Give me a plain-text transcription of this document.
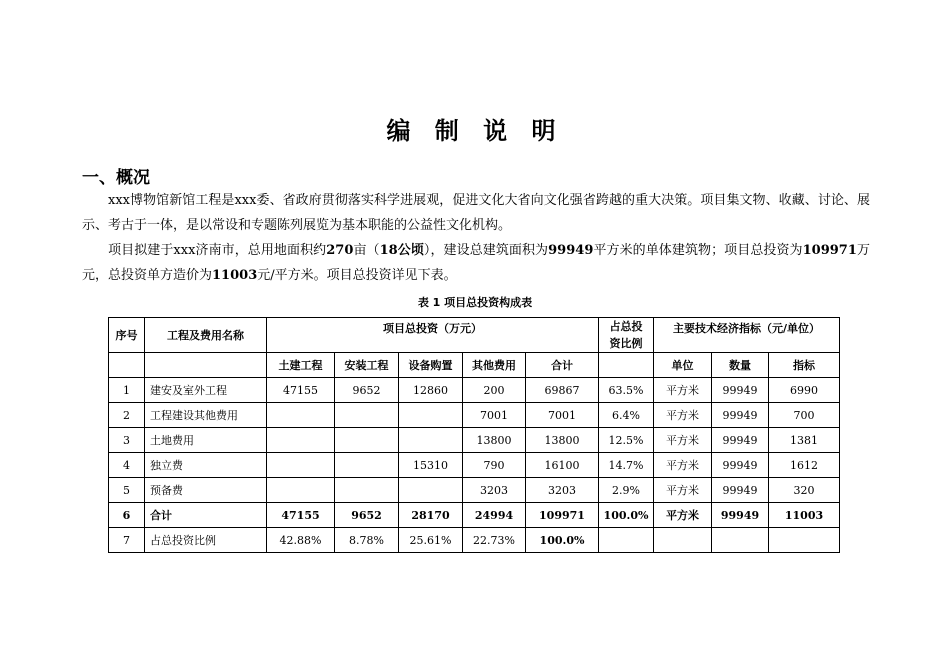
编 制 说 明
一、概况
xxx博物馆新馆工程是xxx委、省政府贯彻落实科学进展观，促进文化大省向文化强省跨越的重大决策。项目集文物、收藏、讨论、展示、考古于一体，是以常设和专题陈列展览为基本职能的公益性文化机构。
项目拟建于xxx济南市，总用地面积约270亩（18公顷），建设总建筑面积为99949平方米的单体建筑物；项目总投资为109971万元，总投资单方造价为11003元/平方米。项目总投资详见下表。
表 1 项目总投资构成表
序号	工程及费用名称	项目总投资（万元）					占总投资比例	主要技术经济指标（元/单位）		
		土建工程	安装工程	设备购置	其他费用	合计		单位	数量	指标
1	建安及室外工程	47155	9652	12860	200	69867	63.5%	平方米	99949	6990
2	工程建设其他费用				7001	7001	6.4%	平方米	99949	700
3	土地费用				13800	13800	12.5%	平方米	99949	1381
4	独立费			15310	790	16100	14.7%	平方米	99949	1612
5	预备费				3203	3203	2.9%	平方米	99949	320
6	合计	47155	9652	28170	24994	109971	100.0%	平方米	99949	11003
7	占总投资比例	42.88%	8.78%	25.61%	22.73%	100.0%				
